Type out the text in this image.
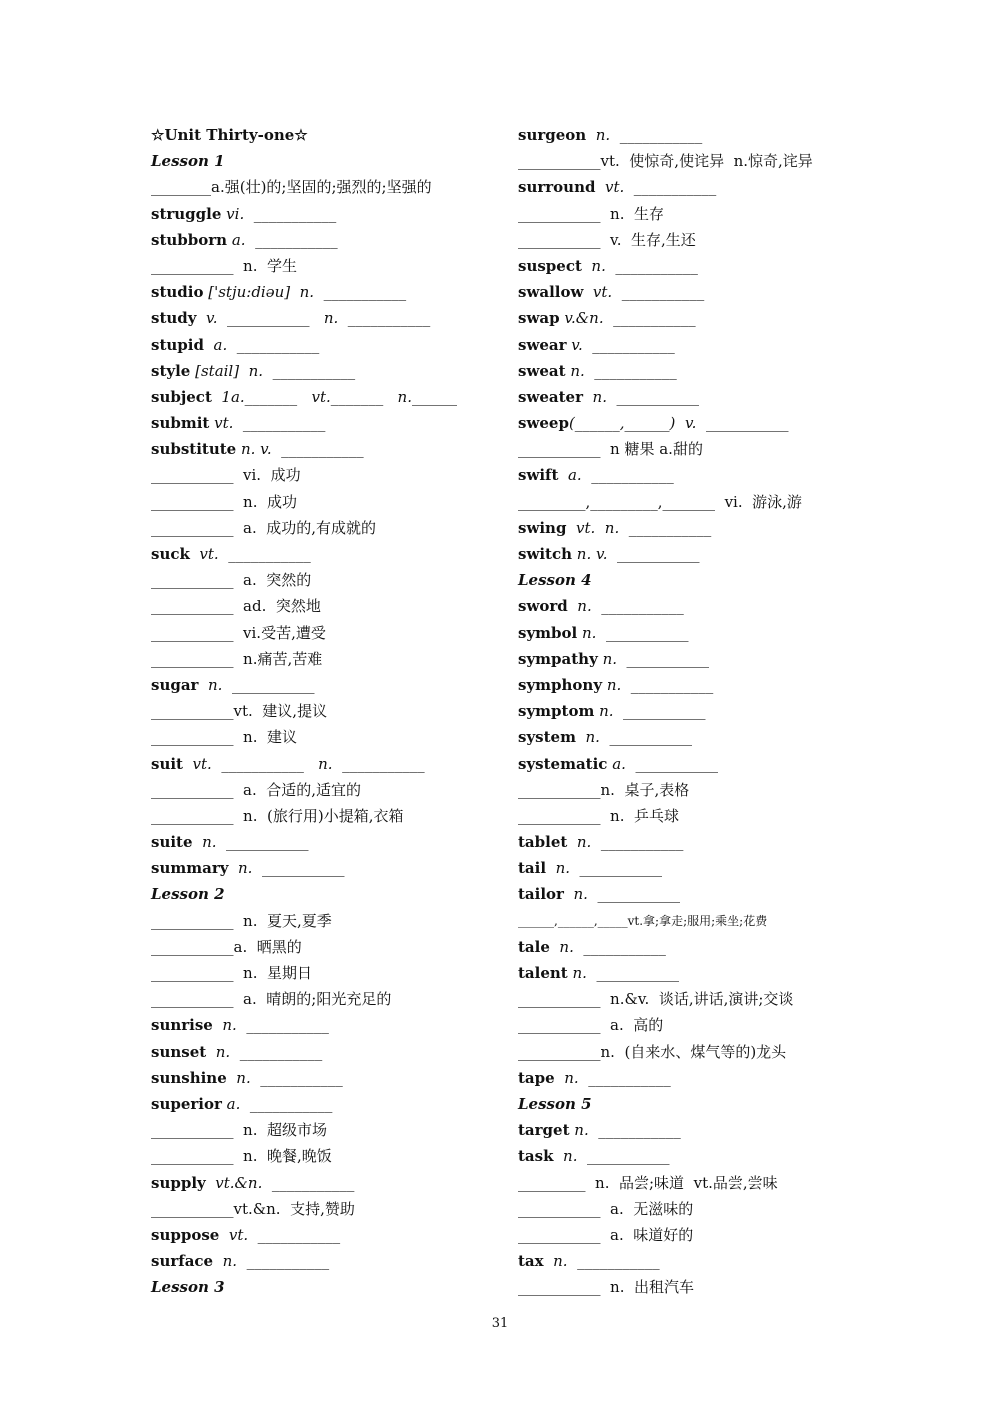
☆Unit Thirty-one☆
Lesson 1
________a.强(壮)的;坚固的;强烈的;坚强的
struggle vi.  ___________
stubborn a.  ___________
___________  n.  学生
studio ['stju:diəu]  n.  ___________
study  v.  ___________   n.  ___________
stupid  a.  ___________
style [stail]  n.  ___________
subject  1a._______   vt._______   n.______
submit vt.  ___________
substitute n. v.  ___________
___________  vi.  成功
___________  n.  成功
___________  a.  成功的,有成就的
suck  vt.  ___________
___________  a.  突然的
___________  ad.  突然地
___________  vi.受苦,遭受
___________  n.痛苦,苦难
sugar  n.  ___________
___________vt.  建议,提议
___________  n.  建议
suit  vt.  ___________   n.  ___________
___________  a.  合适的,适宜的
___________  n.  (旅行用)小提箱,衣箱
suite  n.  ___________
summary  n.  ___________
Lesson 2
___________  n.  夏天,夏季
___________a.  晒黑的
___________  n.  星期日
___________  a.  晴朗的;阳光充足的
sunrise  n.  ___________
sunset  n.  ___________
sunshine  n.  ___________
superior a.  ___________
___________  n.  超级市场
___________  n.  晚餐,晚饭
supply  vt.&n.  ___________
___________vt.&n.  支持,赞助
suppose  vt.  ___________
surface  n.  ___________
Lesson 3
surgeon  n.  ___________
___________vt.  使惊奇,使诧异  n.惊奇,诧异
surround  vt.  ___________
___________  n.  生存
___________  v.  生存,生还
suspect  n.  ___________
swallow  vt.  ___________
swap v.&n.  ___________
swear v.  ___________
sweat n.  ___________
sweater  n.  ___________
sweep(______,______)  v.  ___________
___________  n 糖果 a.甜的
swift  a.  ___________
_________,_________,_______  vi.  游泳,游
swing  vt.  n.  ___________
switch n. v.  ___________
Lesson 4
sword  n.  ___________
symbol n.  ___________
sympathy n.  ___________
symphony n.  ___________
symptom n.  ___________
system  n.  ___________
systematic a.  ___________
___________n.  桌子,表格
___________  n.  乒乓球
tablet  n.  ___________
tail  n.  ___________
tailor  n.  ___________
______,______,_____vt.拿;拿走;服用;乘坐;花费
tale  n.  ___________
talent n.  ___________
___________  n.&v.  谈话,讲话,演讲;交谈
___________  a.  高的
___________n.  (自来水、煤气等的)龙头
tape  n.  ___________
Lesson 5
target n.  ___________
task  n.  ___________
_________  n.  品尝;味道  vt.品尝,尝味
___________  a.  无滋味的
___________  a.  味道好的
tax  n.  ___________
___________  n.  出租汽车
31
